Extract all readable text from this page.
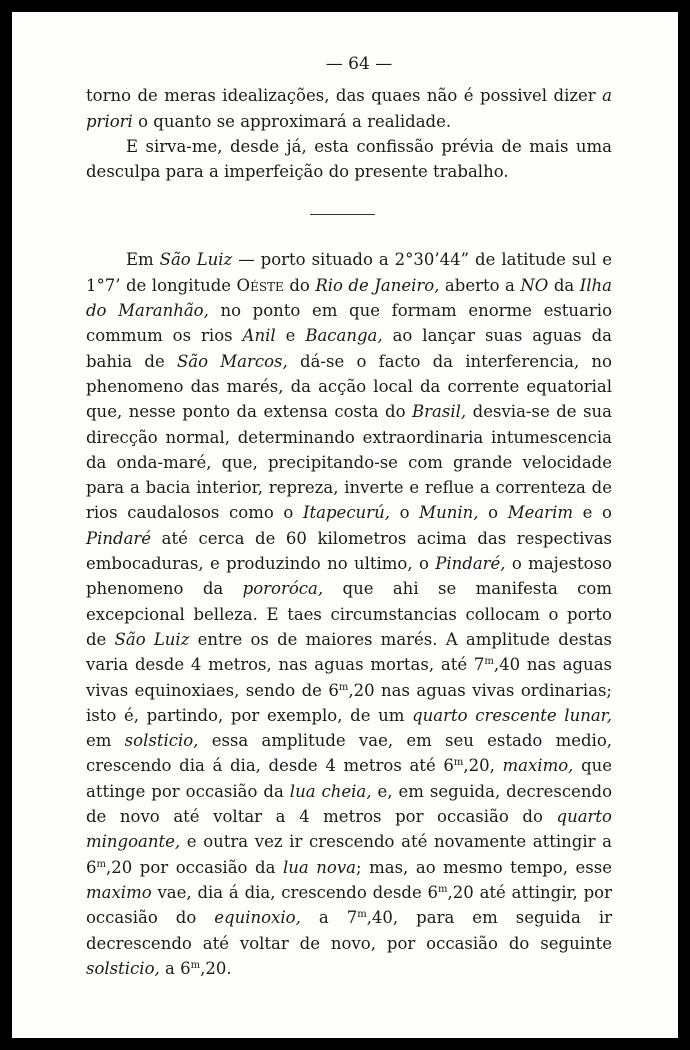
— 64 —

torno de meras idealizações, das quaes não é possivel dizer a priori o quanto se approximará a realidade.

E sirva-me, desde já, esta confissão prévia de mais uma desculpa para a imperfeição do presente trabalho.

Em São Luiz — porto situado a 2°30’44” de latitude sul e 1°7’ de longitude Oéste do Rio de Janeiro, aberto a NO da Ilha do Maranhão, no ponto em que formam enorme estuario commum os rios Anil e Bacanga, ao lançar suas aguas da bahia de São Marcos, dá-se o facto da interferencia, no phenomeno das marés, da acção local da corrente equatorial que, nesse ponto da extensa costa do Brasil, desvia-se de sua direcção normal, determinando extraordinaria intumescencia da onda-maré, que, precipitando-se com grande velocidade para a bacia interior, repreza, inverte e reflue a correnteza de rios caudalosos como o Itapecurú, o Munin, o Mearim e o Pindaré até cerca de 60 kilometros acima das respectivas embocaduras, e produzindo no ultimo, o Pindaré, o majestoso phenomeno da pororóca, que ahi se manifesta com excepcional belleza. E taes circumstancias collocam o porto de São Luiz entre os de maiores marés. A amplitude destas varia desde 4 metros, nas aguas mortas, até 7$^m$,40 nas aguas vivas equinoxiaes, sendo de 6$^m$,20 nas aguas vivas ordinarias; isto é, partindo, por exemplo, de um quarto crescente lunar, em solsticio, essa amplitude vae, em seu estado medio, crescendo dia á dia, desde 4 metros até 6$^m$,20, maximo, que attinge por occasião da lua cheia, e, em seguida, decrescendo de novo até voltar a 4 metros por occasião do quarto mingoante, e outra vez ir crescendo até novamente attingir a 6$^m$,20 por occasião da lua nova; mas, ao mesmo tempo, esse maximo vae, dia á dia, crescendo desde 6$^m$,20 até attingir, por occasião do equinoxio, a 7$^m$,40, para em seguida ir decrescendo até voltar de novo, por occasião do seguinte solsticio, a 6$^m$,20.
